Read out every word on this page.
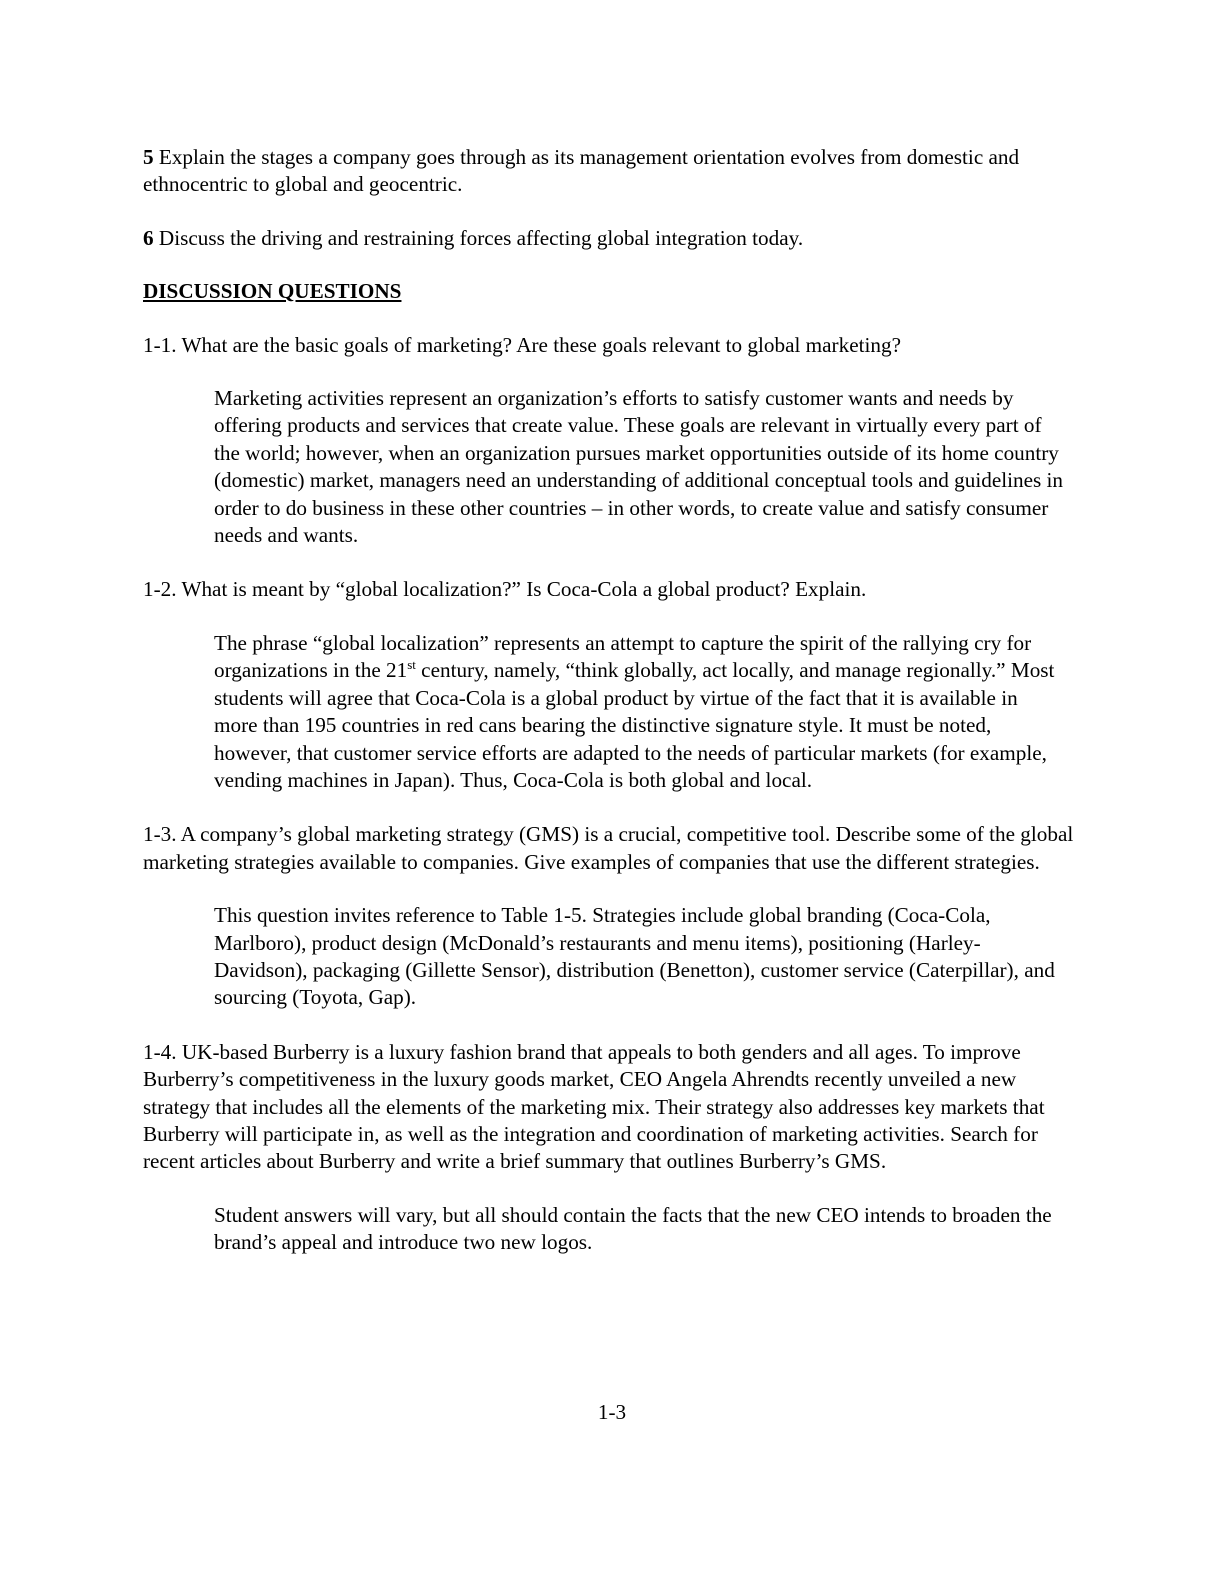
5 Explain the stages a company goes through as its management orientation evolves from domestic and ethnocentric to global and geocentric.

6 Discuss the driving and restraining forces affecting global integration today.

DISCUSSION QUESTIONS

1-1. What are the basic goals of marketing? Are these goals relevant to global marketing?

Marketing activities represent an organization’s efforts to satisfy customer wants and needs by offering products and services that create value. These goals are relevant in virtually every part of the world; however, when an organization pursues market opportunities outside of its home country (domestic) market, managers need an understanding of additional conceptual tools and guidelines in order to do business in these other countries – in other words, to create value and satisfy consumer needs and wants.

1-2. What is meant by “global localization?” Is Coca-Cola a global product? Explain.

The phrase “global localization” represents an attempt to capture the spirit of the rallying cry for organizations in the 21st century, namely, “think globally, act locally, and manage regionally.” Most students will agree that Coca-Cola is a global product by virtue of the fact that it is available in more than 195 countries in red cans bearing the distinctive signature style. It must be noted, however, that customer service efforts are adapted to the needs of particular markets (for example, vending machines in Japan). Thus, Coca-Cola is both global and local.

1-3. A company’s global marketing strategy (GMS) is a crucial, competitive tool. Describe some of the global marketing strategies available to companies. Give examples of companies that use the different strategies.

This question invites reference to Table 1-5. Strategies include global branding (Coca-Cola, Marlboro), product design (McDonald’s restaurants and menu items), positioning (Harley-Davidson), packaging (Gillette Sensor), distribution (Benetton), customer service (Caterpillar), and sourcing (Toyota, Gap).

1-4. UK-based Burberry is a luxury fashion brand that appeals to both genders and all ages. To improve Burberry’s competitiveness in the luxury goods market, CEO Angela Ahrendts recently unveiled a new strategy that includes all the elements of the marketing mix. Their strategy also addresses key markets that Burberry will participate in, as well as the integration and coordination of marketing activities. Search for recent articles about Burberry and write a brief summary that outlines Burberry’s GMS.

Student answers will vary, but all should contain the facts that the new CEO intends to broaden the brand’s appeal and introduce two new logos.

1-3
